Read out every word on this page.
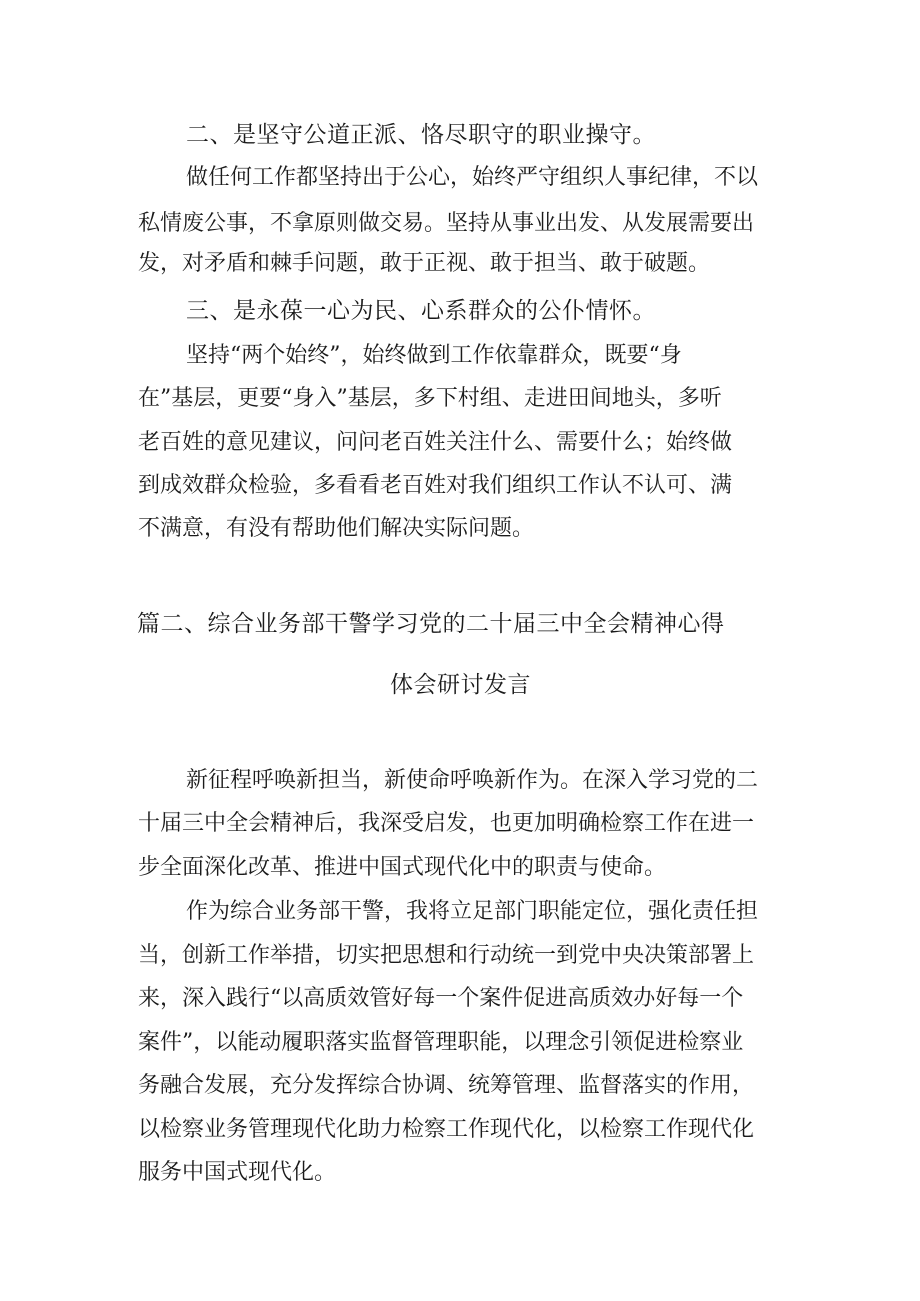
二、是坚守公道正派、恪尽职守的职业操守。
做任何工作都坚持出于公心，始终严守组织人事纪律，不以
私情废公事，不拿原则做交易。坚持从事业出发、从发展需要出
发，对矛盾和棘手问题，敢于正视、敢于担当、敢于破题。
三、是永葆一心为民、心系群众的公仆情怀。
坚持“两个始终”，始终做到工作依靠群众，既要“身
在”基层，更要“身入”基层，多下村组、走进田间地头，多听
老百姓的意见建议，问问老百姓关注什么、需要什么；始终做
到成效群众检验，多看看老百姓对我们组织工作认不认可、满
不满意，有没有帮助他们解决实际问题。
篇二、综合业务部干警学习党的二十届三中全会精神心得
体会研讨发言
新征程呼唤新担当，新使命呼唤新作为。在深入学习党的二
十届三中全会精神后，我深受启发，也更加明确检察工作在进一
步全面深化改革、推进中国式现代化中的职责与使命。
作为综合业务部干警，我将立足部门职能定位，强化责任担
当，创新工作举措，切实把思想和行动统一到党中央决策部署上
来，深入践行“以高质效管好每一个案件促进高质效办好每一个
案件”，以能动履职落实监督管理职能，以理念引领促进检察业
务融合发展，充分发挥综合协调、统筹管理、监督落实的作用，
以检察业务管理现代化助力检察工作现代化，以检察工作现代化
服务中国式现代化。
